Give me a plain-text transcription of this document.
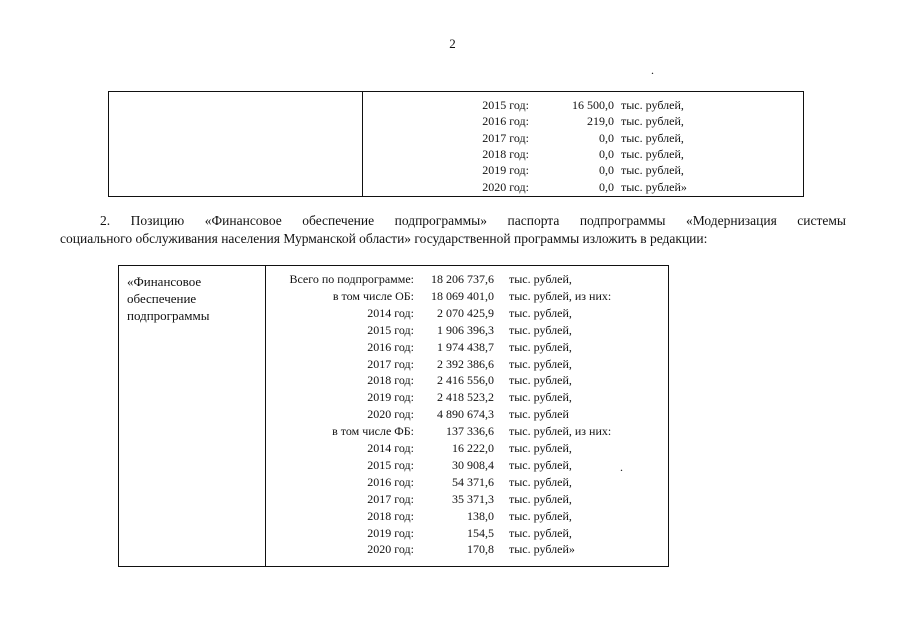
2
.
.
2015 год:	16 500,0 тыс. рублей,
2016 год:	219,0 тыс. рублей,
2017 год:	0,0 тыс. рублей,
2018 год:	0,0 тыс. рублей,
2019 год:	0,0 тыс. рублей,
2020 год:	0,0 тыс. рублей»
2. Позицию «Финансовое обеспечение подпрограммы» паспорта подпрограммы «Модернизация системы
социального обслуживания населения Мурманской области» государственной программы изложить в редакции:
«Финансовое
обеспечение
подпрограммы
Всего по подпрограмме:	18 206 737,6 тыс. рублей,
в том числе ОБ:	18 069 401,0 тыс. рублей, из них:
2014 год:	2 070 425,9 тыс. рублей,
2015 год:	1 906 396,3 тыс. рублей,
2016 год:	1 974 438,7 тыс. рублей,
2017 год:	2 392 386,6 тыс. рублей,
2018 год:	2 416 556,0 тыс. рублей,
2019 год:	2 418 523,2 тыс. рублей,
2020 год:	4 890 674,3 тыс. рублей
в том числе ФБ:	137 336,6 тыс. рублей, из них:
2014 год:	16 222,0 тыс. рублей,
2015 год:	30 908,4 тыс. рублей,
2016 год:	54 371,6 тыс. рублей,
2017 год:	35 371,3 тыс. рублей,
2018 год:	138,0 тыс. рублей,
2019 год:	154,5 тыс. рублей,
2020 год:	170,8 тыс. рублей»
